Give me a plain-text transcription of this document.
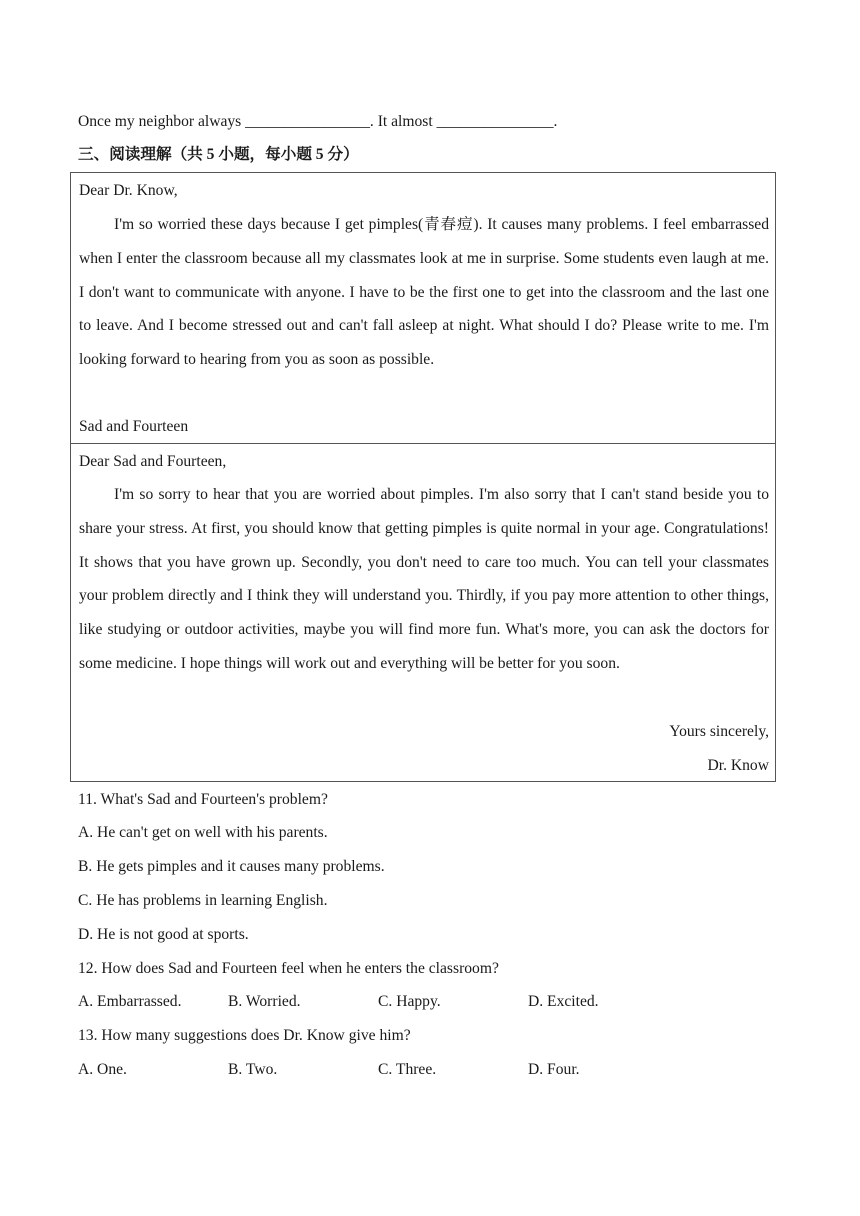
Once my neighbor always ________________. It almost _______________.
三、阅读理解（共 5 小题，每小题 5 分）
Dear Dr. Know,
I'm so worried these days because I get pimples(青春痘). It causes many problems. I feel embarrassed when I enter the classroom because all my classmates look at me in surprise. Some students even laugh at me. I don't want to communicate with anyone. I have to be the first one to get into the classroom and the last one to leave. And I become stressed out and can't fall asleep at night. What should I do? Please write to me. I'm looking forward to hearing from you as soon as possible.
Sad and Fourteen
Dear Sad and Fourteen,
I'm so sorry to hear that you are worried about pimples. I'm also sorry that I can't stand beside you to share your stress. At first, you should know that getting pimples is quite normal in your age. Congratulations! It shows that you have grown up. Secondly, you don't need to care too much. You can tell your classmates your problem directly and I think they will understand you. Thirdly, if you pay more attention to other things, like studying or outdoor activities, maybe you will find more fun. What's more, you can ask the doctors for some medicine. I hope things will work out and everything will be better for you soon.
Yours sincerely,
Dr. Know
11. What's Sad and Fourteen's problem?
A. He can't get on well with his parents.
B. He gets pimples and it causes many problems.
C. He has problems in learning English.
D. He is not good at sports.
12. How does Sad and Fourteen feel when he enters the classroom?
A. Embarrassed.	B. Worried.	C. Happy.	D. Excited.
13. How many suggestions does Dr. Know give him?
A. One.	B. Two.	C. Three.	D. Four.
